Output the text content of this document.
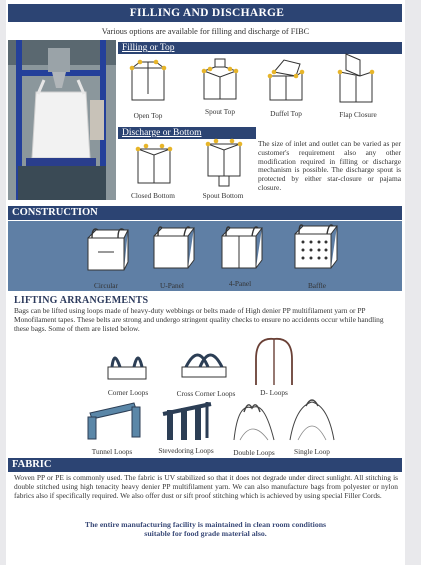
FILLING AND DISCHARGE
Various options are available for filling and discharge of FIBC
Filling or Top
Open Top	Spout Top	Duffel Top	Flap Closure
Discharge or Bottom
Closed Bottom	Spout Bottom
The size of inlet and outlet can be varied as per customer's requirement also any other modification required in filling or discharge mechanism is possible. The discharge spout is protected by either star-closure or pajama closure.
CONSTRUCTION
Circular	U-Panel	4-Panel	Baffle
LIFTING ARRANGEMENTS
Bags can be lifted using loops made of heavy-duty webbings or belts made of High denier PP multifilament yarn or PP Monofilament tapes. These belts are strong and undergo stringent quality checks to ensure no accidents occur while handling these bags. Some of them are listed below.
Corner Loops	Cross Corner Loops	D- Loops
Tunnel Loops	Stevedoring Loops	Double Loops	Single Loop
FABRIC
Woven PP or PE is commonly used. The fabric is UV stabilized so that it does not degrade under direct sunlight. All stitching is double stitched using high tenacity heavy denier PP multifilament yarn. We can also manufacture bags from polyester or nylon fabrics also if specifically required. We also offer dust or sift proof stitching which is achieved by using special Filler Cords.
The entire manufacturing facility is maintained in clean room conditions
suitable for food grade material also.
